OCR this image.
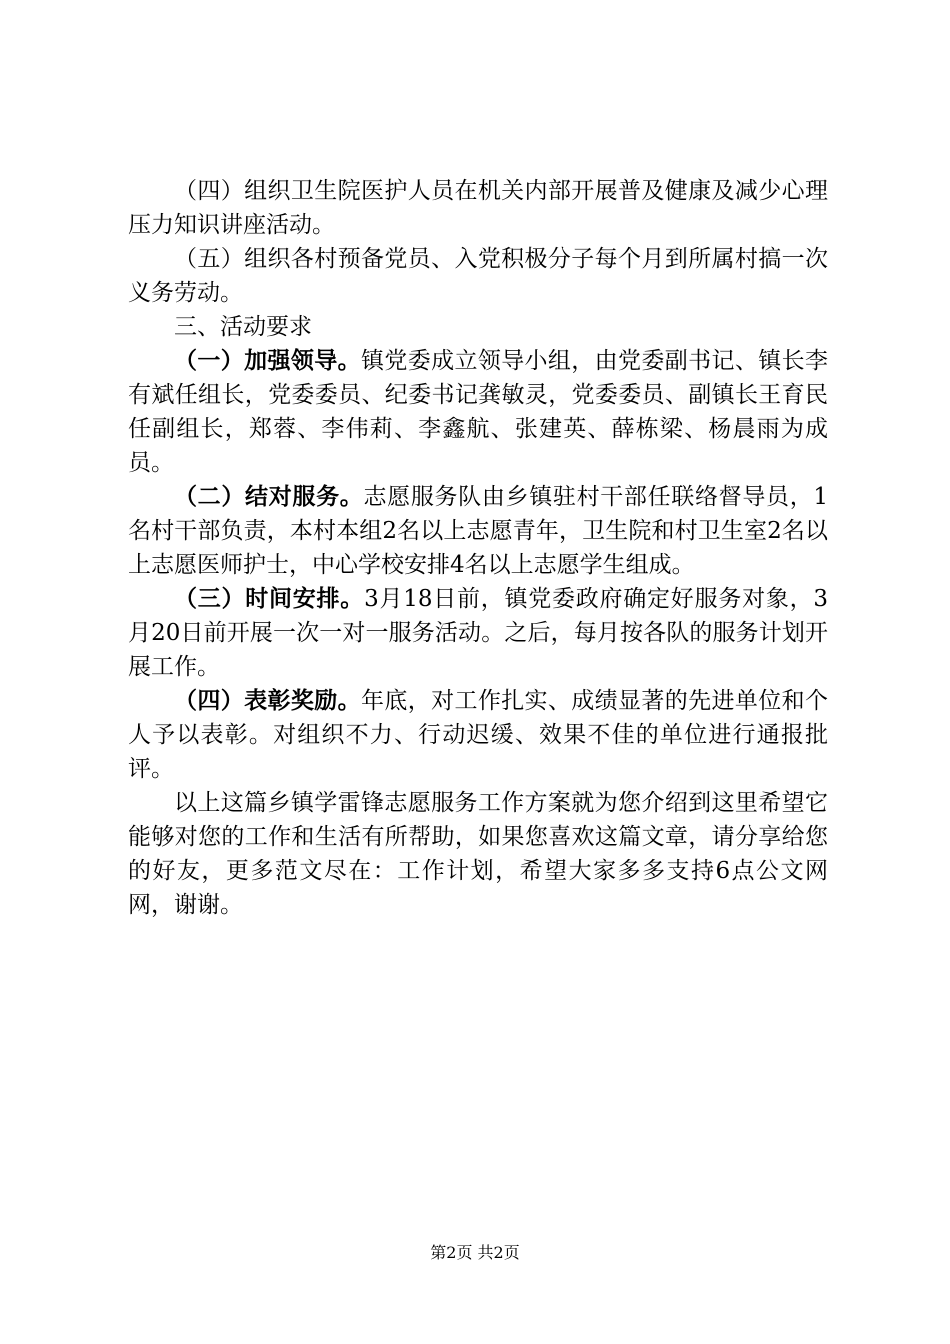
（四）组织卫生院医护人员在机关内部开展普及健康及减少心理压力知识讲座活动。

（五）组织各村预备党员、入党积极分子每个月到所属村搞一次义务劳动。

三、活动要求

（一）加强领导。镇党委成立领导小组，由党委副书记、镇长李有斌任组长，党委委员、纪委书记龚敏灵，党委委员、副镇长王育民任副组长，郑蓉、李伟莉、李鑫航、张建英、薛栋梁、杨晨雨为成员。

（二）结对服务。志愿服务队由乡镇驻村干部任联络督导员，1名村干部负责，本村本组2名以上志愿青年，卫生院和村卫生室2名以上志愿医师护士，中心学校安排4名以上志愿学生组成。

（三）时间安排。3月18日前，镇党委政府确定好服务对象，3月20日前开展一次一对一服务活动。之后，每月按各队的服务计划开展工作。

（四）表彰奖励。年底，对工作扎实、成绩显著的先进单位和个人予以表彰。对组织不力、行动迟缓、效果不佳的单位进行通报批评。

以上这篇乡镇学雷锋志愿服务工作方案就为您介绍到这里希望它能够对您的工作和生活有所帮助，如果您喜欢这篇文章，请分享给您的好友，更多范文尽在：工作计划，希望大家多多支持6点公文网网，谢谢。

第2页 共2页
